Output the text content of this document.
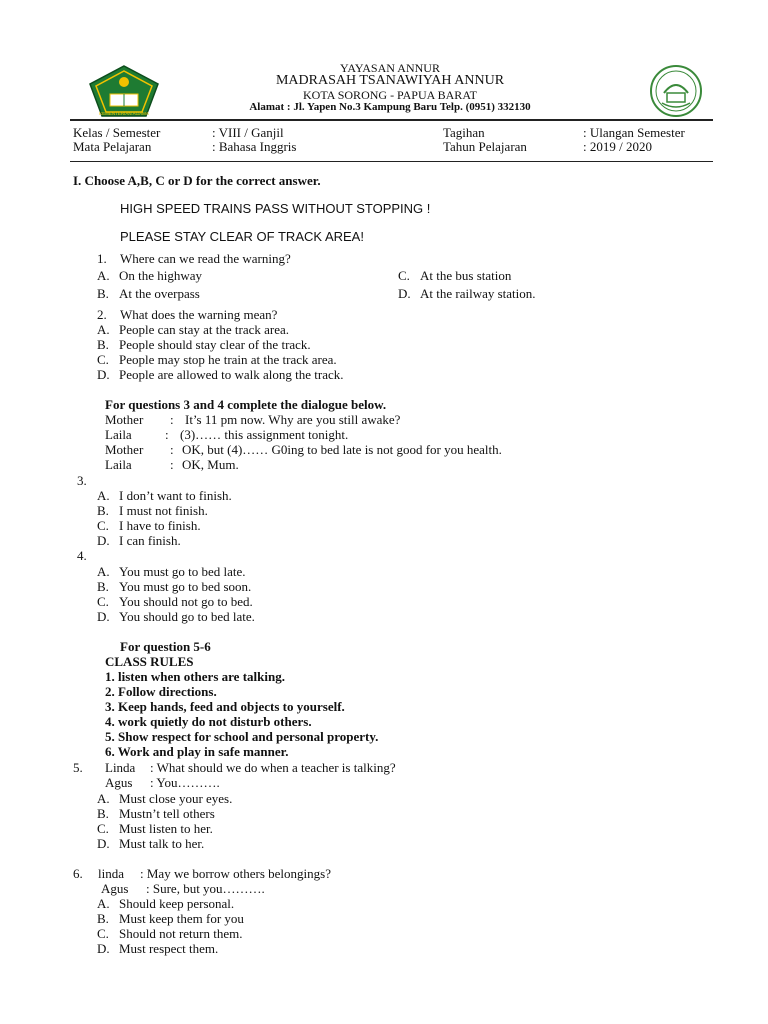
KEMENTERIAN AGAMA
YAYASAN ANNUR
MADRASAH TSANAWIYAH ANNUR
KOTA SORONG - PAPUA BARAT
Alamat : Jl. Yapen No.3 Kampung Baru Telp. (0951) 332130
Kelas / Semester	: VIII / Ganjil	Tagihan	: Ulangan Semester
Mata Pelajaran	: Bahasa Inggris	Tahun Pelajaran	: 2019 / 2020
I. Choose A,B, C or D for the correct answer.
HIGH SPEED TRAINS PASS WITHOUT STOPPING !
PLEASE STAY CLEAR OF TRACK AREA!
1. Where can we read the warning?
A. On the highway	C. At the bus station
B. At the overpass	D. At the railway station.
2. What does the warning mean?
A. People can stay at the track area.
B. People should stay clear of the track.
C. People may stop he train at the track area.
D. People are allowed to walk along the track.
For questions 3 and 4 complete the dialogue below.
Mother : It’s 11 pm now. Why are you still awake?
Laila	: (3)…… this assignment tonight.
Mother : OK, but (4)…… G0ing to bed late is not good for you health.
Laila	: OK, Mum.
3.
A. I don’t want to finish.
B. I must not finish.
C. I have to finish.
D. I can finish.
4.
A. You must go to bed late.
B. You must go to bed soon.
C. You should not go to bed.
D. You should go to bed late.
For question 5-6
CLASS RULES
1. listen when others are talking.
2. Follow directions.
3. Keep hands, feed and objects to yourself.
4. work quietly do not disturb others.
5. Show respect for school and personal property.
6. Work and play in safe manner.
5. Linda : What should we do when a teacher is talking?
Agus : You……….
A. Must close your eyes.
B. Mustn’t tell others
C. Must listen to her.
D. Must talk to her.
6. linda : May we borrow others belongings?
Agus : Sure, but you……….
A. Should keep personal.
B. Must keep them for you
C. Should not return them.
D. Must respect them.
